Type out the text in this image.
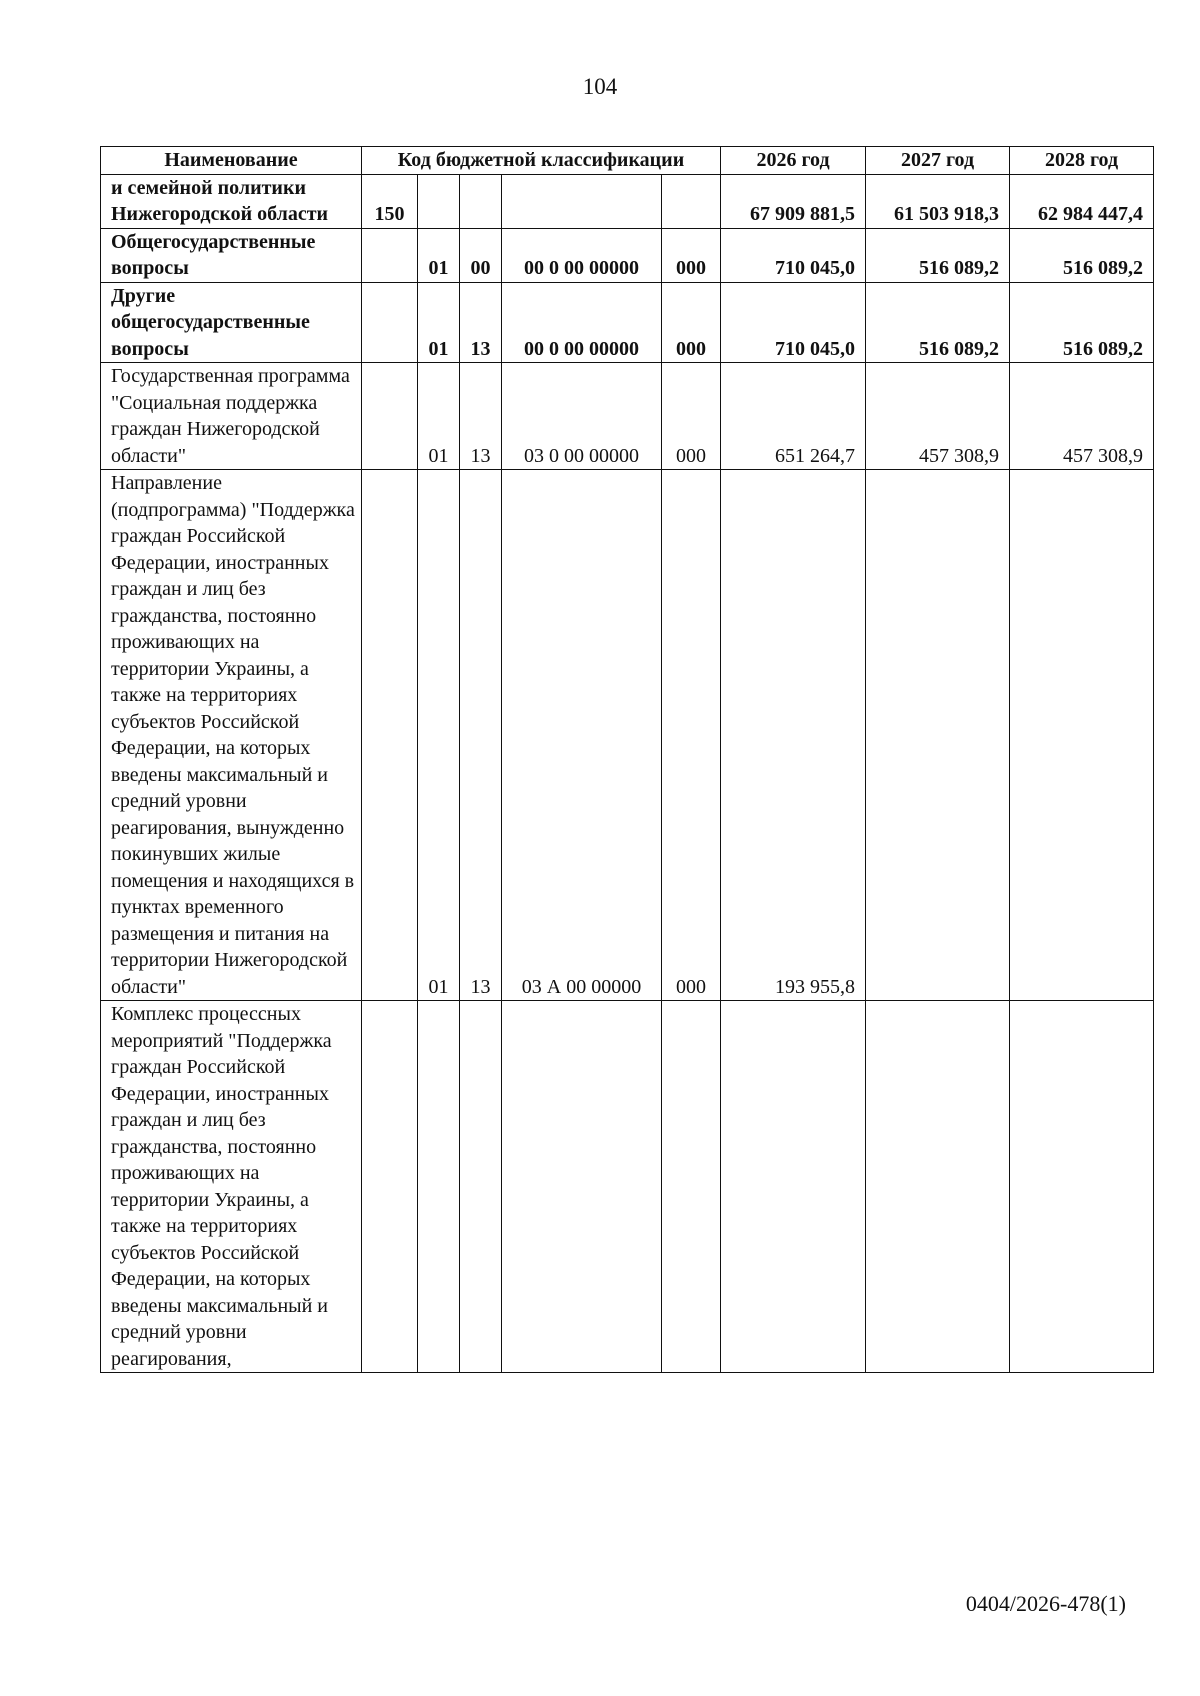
104
Наименование	Код бюджетной классификации					2026 год	2027 год	2028 год
и семейной политики Нижегородской области	150					67 909 881,5	61 503 918,3	62 984 447,4
Общегосударственные вопросы		01	00	00 0 00 00000	000	710 045,0	516 089,2	516 089,2
Другие общегосударственные вопросы		01	13	00 0 00 00000	000	710 045,0	516 089,2	516 089,2
Государственная программа "Социальная поддержка граждан Нижегородской области"		01	13	03 0 00 00000	000	651 264,7	457 308,9	457 308,9
Направление (подпрограмма) "Поддержка граждан Российской Федерации, иностранных граждан и лиц без гражданства, постоянно проживающих на территории Украины, а также на территориях субъектов Российской Федерации, на которых введены максимальный и средний уровни реагирования, вынужденно покинувших жилые помещения и находящихся в пунктах временного размещения и питания на территории Нижегородской области"		01	13	03 А 00 00000	000	193 955,8		
Комплекс процессных мероприятий "Поддержка граждан Российской Федерации, иностранных граждан и лиц без гражданства, постоянно проживающих на территории Украины, а также на территориях субъектов Российской Федерации, на которых введены максимальный и средний уровни реагирования,								
0404/2026-478(1)
